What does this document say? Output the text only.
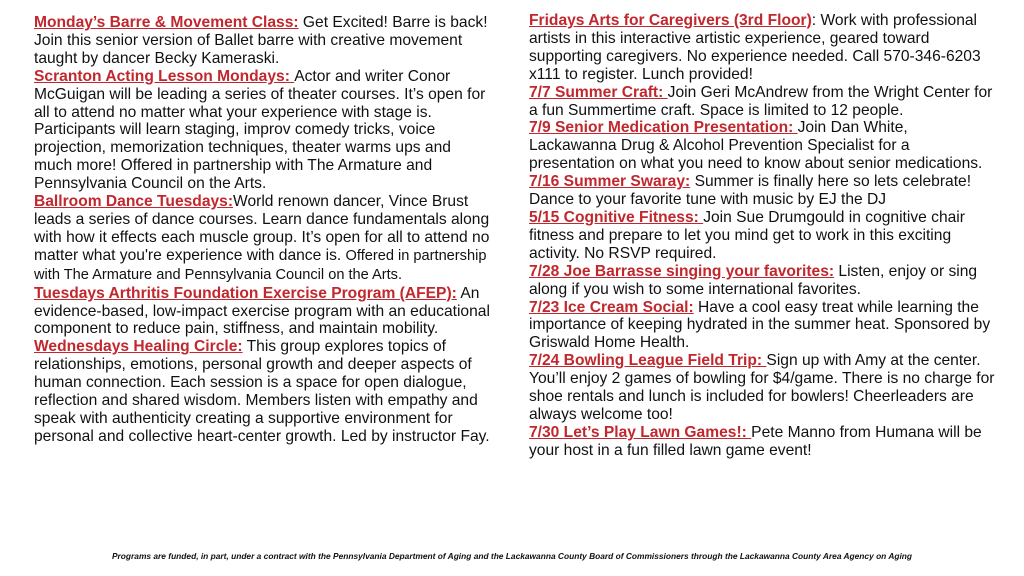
Monday’s Barre & Movement Class: Get Excited! Barre is back! Join this senior version of Ballet barre with creative movement taught by dancer Becky Kameraski.

Scranton Acting Lesson Mondays: Actor and writer Conor McGuigan will be leading a series of theater courses. It’s open for all to attend no matter what your experience with stage is. Participants will learn staging, improv comedy tricks, voice projection, memorization techniques, theater warms ups and much more! Offered in partnership with The Armature and Pennsylvania Council on the Arts.

Ballroom Dance Tuesdays:World renown dancer, Vince Brust leads a series of dance courses. Learn dance fundamentals along with how it effects each muscle group. It’s open for all to attend no matter what you're experience with dance is. Offered in partnership with The Armature and Pennsylvania Council on the Arts.

Tuesdays Arthritis Foundation Exercise Program (AFEP): An evidence-based, low-impact exercise program with an educational component to reduce pain, stiffness, and maintain mobility.

Wednesdays Healing Circle: This group explores topics of relationships, emotions, personal growth and deeper aspects of human connection. Each session is a space for open dialogue, reflection and shared wisdom. Members listen with empathy and speak with authenticity creating a supportive environment for personal and collective heart-center growth. Led by instructor Fay.

Fridays Arts for Caregivers (3rd Floor): Work with professional artists in this interactive artistic experience, geared toward supporting caregivers. No experience needed. Call 570-346-6203 x111 to register. Lunch provided!

7/7 Summer Craft: Join Geri McAndrew from the Wright Center for a fun Summertime craft. Space is limited to 12 people.

7/9 Senior Medication Presentation: Join Dan White, Lackawanna Drug & Alcohol Prevention Specialist for a presentation on what you need to know about senior medications.

7/16 Summer Swaray: Summer is finally here so lets celebrate! Dance to your favorite tune with music by EJ the DJ

5/15 Cognitive Fitness: Join Sue Drumgould in cognitive chair fitness and prepare to let you mind get to work in this exciting activity. No RSVP required.

7/28 Joe Barrasse singing your favorites: Listen, enjoy or sing along if you wish to some international favorites.

7/23 Ice Cream Social: Have a cool easy treat while learning the importance of keeping hydrated in the summer heat. Sponsored by Griswald Home Health.

7/24 Bowling League Field Trip: Sign up with Amy at the center. You’ll enjoy 2 games of bowling for $4/game. There is no charge for shoe rentals and lunch is included for bowlers! Cheerleaders are always welcome too!

7/30 Let’s Play Lawn Games!: Pete Manno from Humana will be your host in a fun filled lawn game event!

Programs are funded, in part, under a contract with the Pennsylvania Department of Aging and the Lackawanna County Board of Commissioners through the Lackawanna County Area Agency on Aging
